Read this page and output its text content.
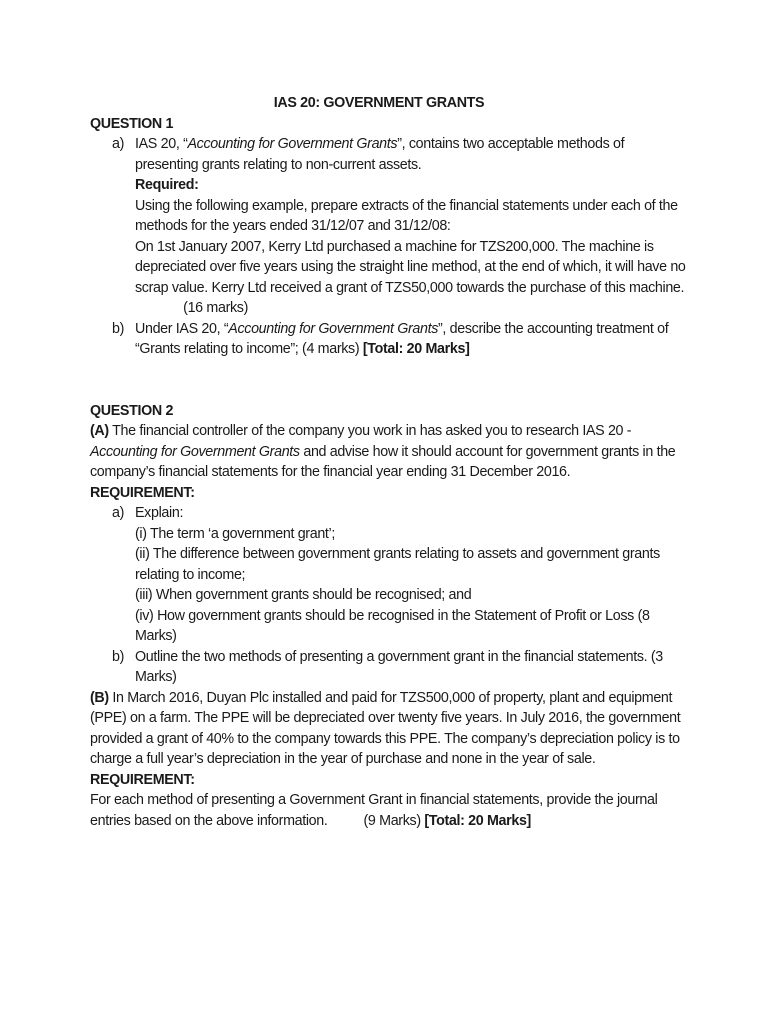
IAS 20: GOVERNMENT GRANTS
QUESTION 1
a) IAS 20, “Accounting for Government Grants”, contains two acceptable methods of presenting grants relating to non-current assets.
Required:
Using the following example, prepare extracts of the financial statements under each of the methods for the years ended 31/12/07 and 31/12/08:
On 1st January 2007, Kerry Ltd purchased a machine for TZS200,000. The machine is depreciated over five years using the straight line method, at the end of which, it will have no scrap value. Kerry Ltd received a grant of TZS50,000 towards the purchase of this machine.(16 marks)
b) Under IAS 20, “Accounting for Government Grants”, describe the accounting treatment of “Grants relating to income”; (4 marks) [Total: 20 Marks]
QUESTION 2
(A) The financial controller of the company you work in has asked you to research IAS 20 - Accounting for Government Grants and advise how it should account for government grants in the company’s financial statements for the financial year ending 31 December 2016.
REQUIREMENT:
a) Explain:
(i) The term ‘a government grant’;
(ii) The difference between government grants relating to assets and government grants relating to income;
(iii) When government grants should be recognised; and
(iv) How government grants should be recognised in the Statement of Profit or Loss (8 Marks)
b) Outline the two methods of presenting a government grant in the financial statements. (3 Marks)
(B) In March 2016, Duyan Plc installed and paid for TZS500,000 of property, plant and equipment (PPE) on a farm. The PPE will be depreciated over twenty five years. In July 2016, the government provided a grant of 40% to the company towards this PPE. The company’s depreciation policy is to charge a full year’s depreciation in the year of purchase and none in the year of sale.
REQUIREMENT:
For each method of presenting a Government Grant in financial statements, provide the journal entries based on the above information.	(9 Marks) [Total: 20 Marks]
